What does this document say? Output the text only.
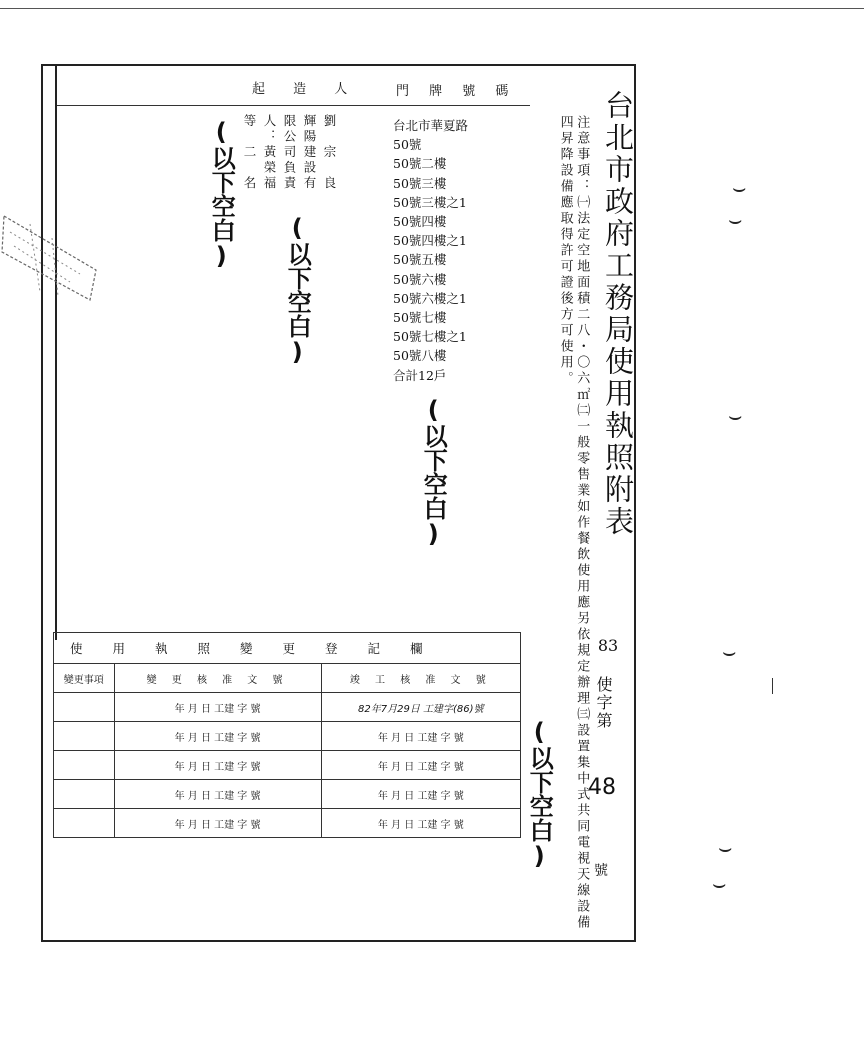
起 造 人	門 牌 號 碼	台北市政府工務局使用執照附表
注意事項：㈠法定空地面積二八・〇六㎡㈡一般零售業如作餐飲使用應另依規定辦理㈢設置集中式共同電視天線設備四昇降設備應取得許可證後方可使用。
83
使字第
48
號
劉　宗　良
輝陽建設有
限公司負責
人：黃榮福
等　二　名	台北市華夏路
50號
50號二樓
50號三樓
50號三樓之1
50號四樓
50號四樓之1
50號五樓
50號六樓
50號六樓之1
50號七樓
50號七樓之1
50號八樓
合計12戶
(以下空白)
(以下空白)
(以下空白)
(以下空白)
使用執照變更登記欄		
變更事項	變 更 核 准 文 號	竣 工 核 准 文 號
	年 月 日 工建 字 號	82年7月29日 工建字(86)號
	年 月 日 工建 字 號	年 月 日 工建 字 號
	年 月 日 工建 字 號	年 月 日 工建 字 號
	年 月 日 工建 字 號	年 月 日 工建 字 號
	年 月 日 工建 字 號	年 月 日 工建 字 號
⌣
⌣
⌣
⌣
⌣
⌣
